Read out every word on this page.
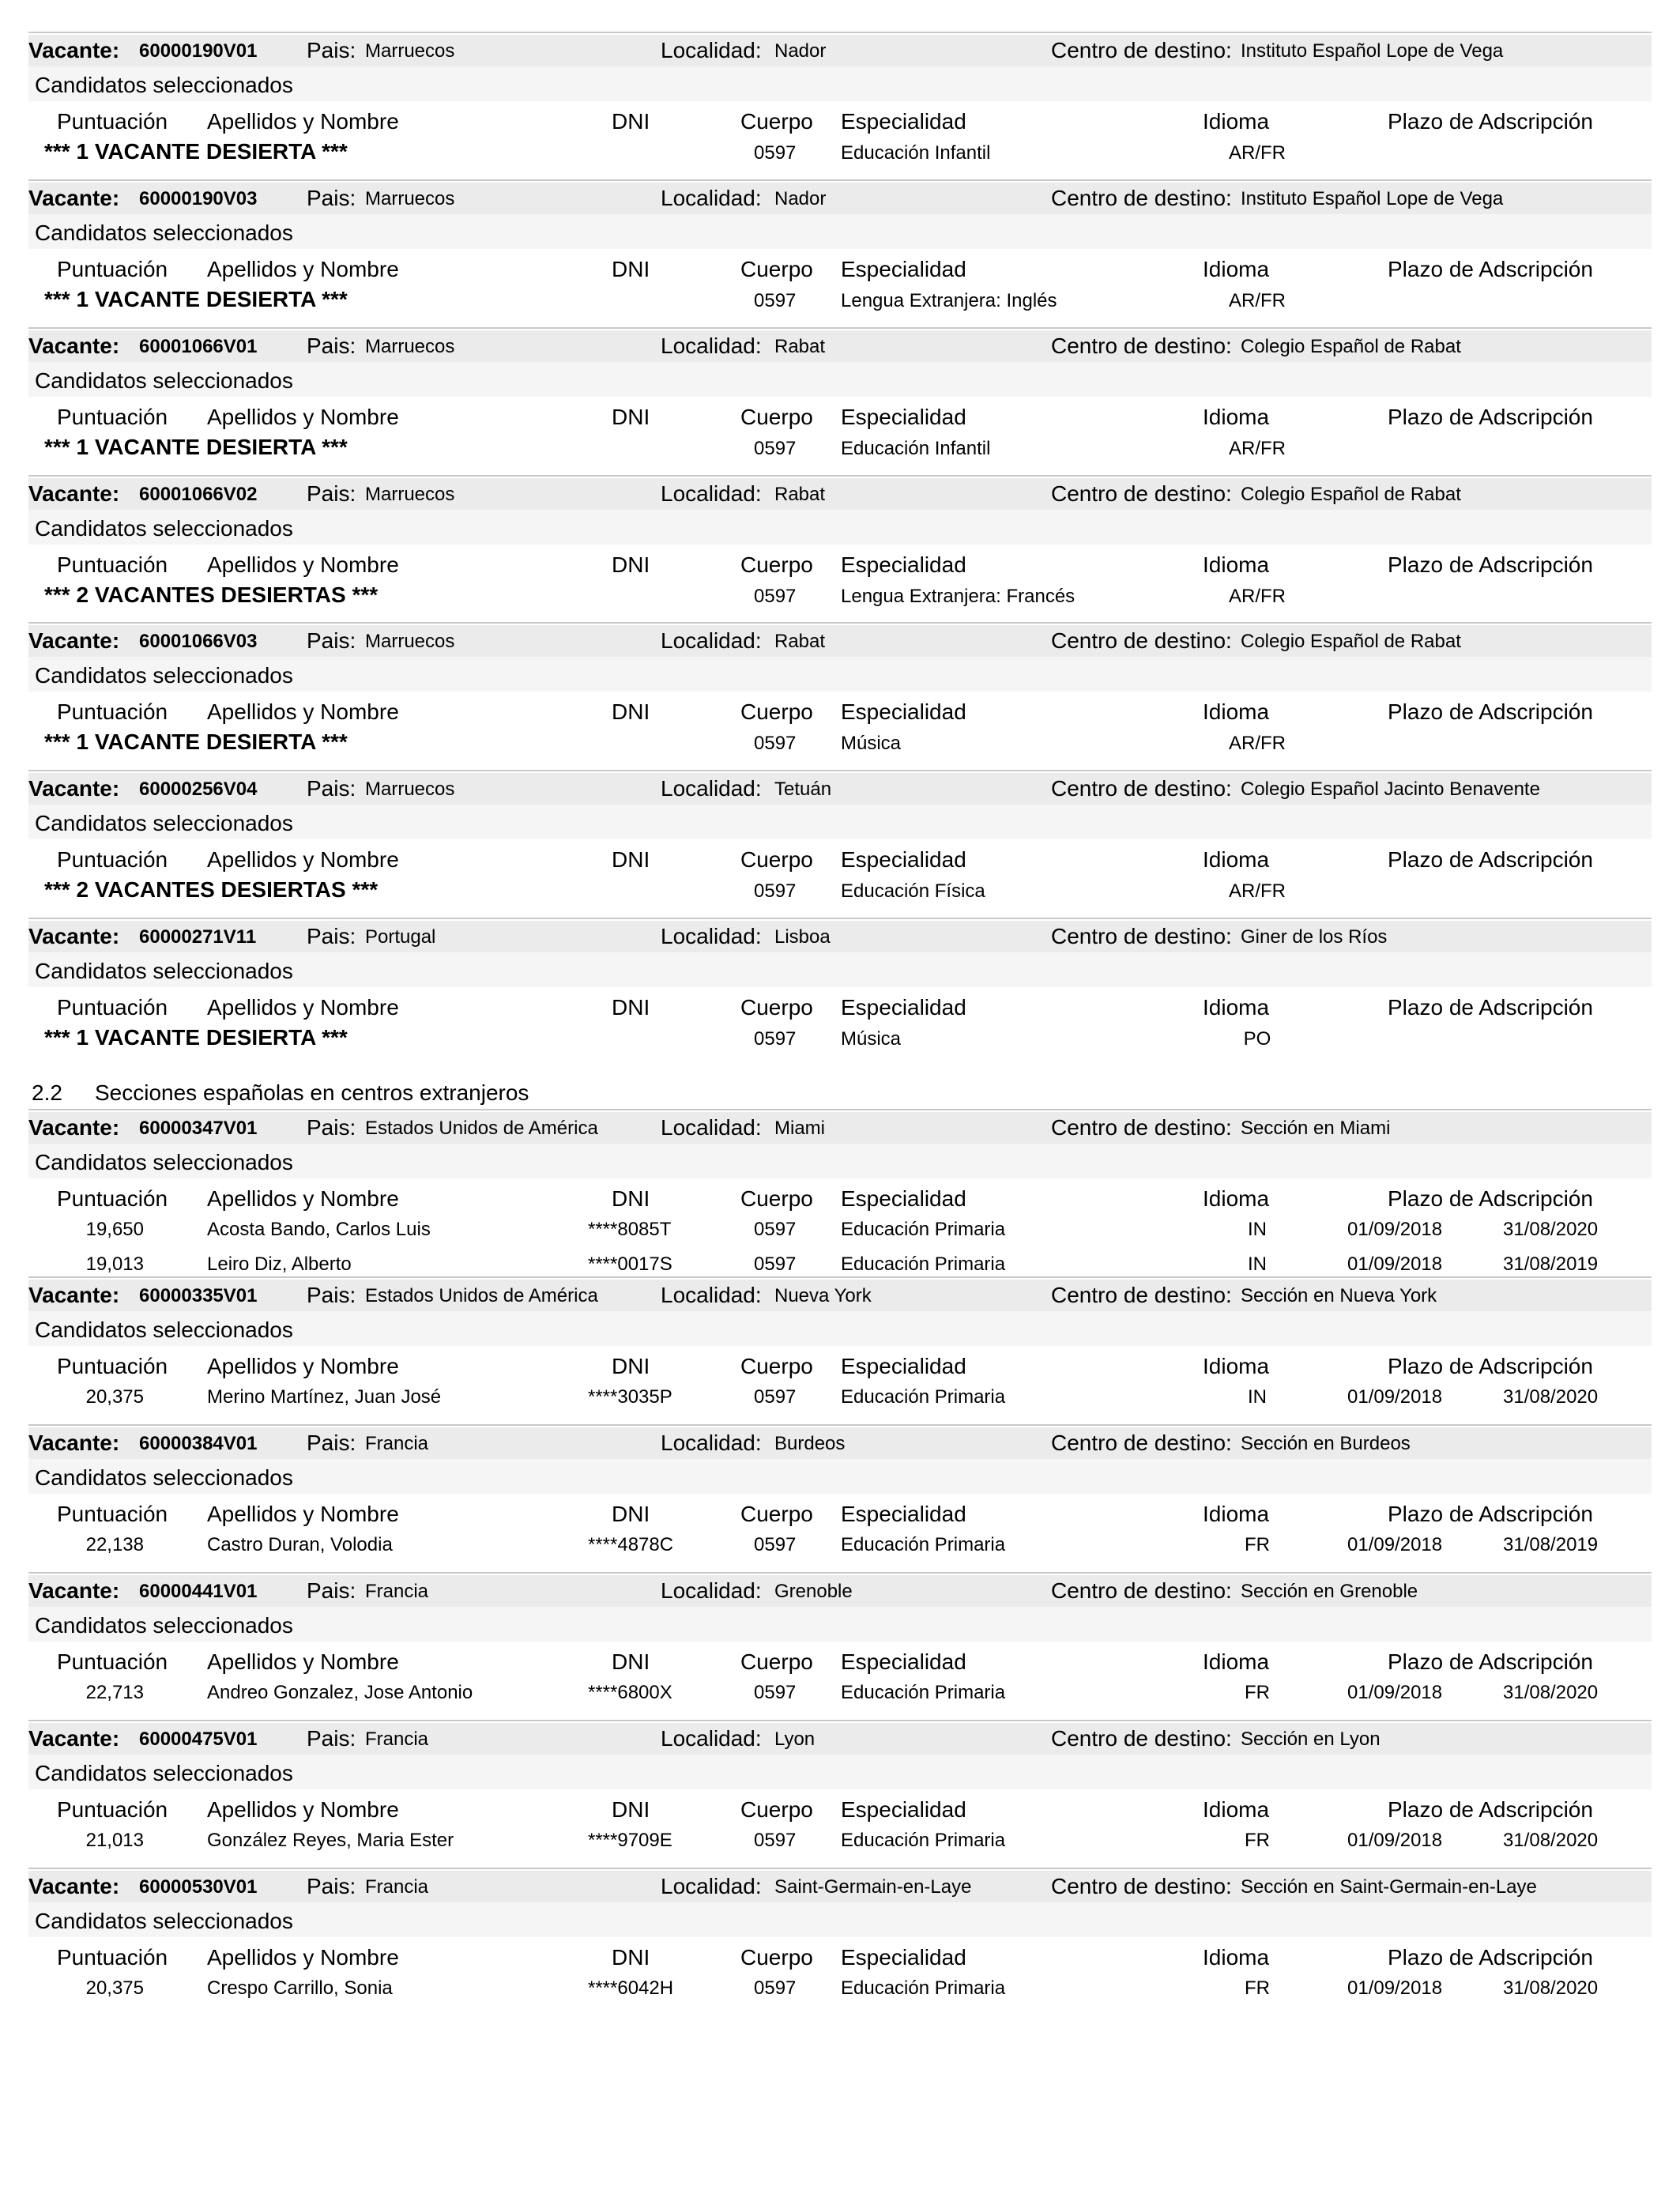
2.2 Secciones españolas en centros extranjeros
Vacante: 60000190V01 Pais: Marruecos	Localidad: Nador	Centro de destino: Instituto Español Lope de Vega
Candidatos seleccionados
Puntuación Apellidos y Nombre	DNI	Cuerpo Especialidad	Idioma	Plazo de Adscripción
*** 1 VACANTE DESIERTA ***	0597 Educación Infantil	AR/FR
Vacante: 60000190V03 Pais: Marruecos	Localidad: Nador	Centro de destino: Instituto Español Lope de Vega
Candidatos seleccionados
Puntuación Apellidos y Nombre	DNI	Cuerpo Especialidad	Idioma	Plazo de Adscripción
*** 1 VACANTE DESIERTA ***	0597 Lengua Extranjera: Inglés	AR/FR
Vacante: 60001066V01 Pais: Marruecos	Localidad: Rabat	Centro de destino: Colegio Español de Rabat
Candidatos seleccionados
Puntuación Apellidos y Nombre	DNI	Cuerpo Especialidad	Idioma	Plazo de Adscripción
*** 1 VACANTE DESIERTA ***	0597 Educación Infantil	AR/FR
Vacante: 60001066V02 Pais: Marruecos	Localidad: Rabat	Centro de destino: Colegio Español de Rabat
Candidatos seleccionados
Puntuación Apellidos y Nombre	DNI	Cuerpo Especialidad	Idioma	Plazo de Adscripción
*** 2 VACANTES DESIERTAS ***	0597 Lengua Extranjera: Francés	AR/FR
Vacante: 60001066V03 Pais: Marruecos	Localidad: Rabat	Centro de destino: Colegio Español de Rabat
Candidatos seleccionados
Puntuación Apellidos y Nombre	DNI	Cuerpo Especialidad	Idioma	Plazo de Adscripción
*** 1 VACANTE DESIERTA ***	0597 Música	AR/FR
Vacante: 60000256V04 Pais: Marruecos	Localidad: Tetuán	Centro de destino: Colegio Español Jacinto Benavente
Candidatos seleccionados
Puntuación Apellidos y Nombre	DNI	Cuerpo Especialidad	Idioma	Plazo de Adscripción
*** 2 VACANTES DESIERTAS ***	0597 Educación Física	AR/FR
Vacante: 60000271V11 Pais: Portugal	Localidad: Lisboa	Centro de destino: Giner de los Ríos
Candidatos seleccionados
Puntuación Apellidos y Nombre	DNI	Cuerpo Especialidad	Idioma	Plazo de Adscripción
*** 1 VACANTE DESIERTA ***	0597 Música	PO
Vacante: 60000347V01 Pais: Estados Unidos de América	Localidad: Miami	Centro de destino: Sección en Miami
Candidatos seleccionados
Puntuación Apellidos y Nombre	DNI	Cuerpo Especialidad	Idioma	Plazo de Adscripción
19,650	Acosta Bando, Carlos Luis	****8085T	0597 Educación Primaria	IN	01/09/2018	31/08/2020
19,013	Leiro Diz, Alberto	****0017S	0597 Educación Primaria	IN	01/09/2018	31/08/2019
Vacante: 60000335V01 Pais: Estados Unidos de América	Localidad: Nueva York	Centro de destino: Sección en Nueva York
Candidatos seleccionados
Puntuación Apellidos y Nombre	DNI	Cuerpo Especialidad	Idioma	Plazo de Adscripción
20,375	Merino Martínez, Juan José	****3035P	0597 Educación Primaria	IN	01/09/2018	31/08/2020
Vacante: 60000384V01 Pais: Francia	Localidad: Burdeos	Centro de destino: Sección en Burdeos
Candidatos seleccionados
Puntuación Apellidos y Nombre	DNI	Cuerpo Especialidad	Idioma	Plazo de Adscripción
22,138	Castro Duran, Volodia	****4878C	0597 Educación Primaria	FR	01/09/2018	31/08/2019
Vacante: 60000441V01 Pais: Francia	Localidad: Grenoble	Centro de destino: Sección en Grenoble
Candidatos seleccionados
Puntuación Apellidos y Nombre	DNI	Cuerpo Especialidad	Idioma	Plazo de Adscripción
22,713	Andreo Gonzalez, Jose Antonio	****6800X	0597 Educación Primaria	FR	01/09/2018	31/08/2020
Vacante: 60000475V01 Pais: Francia	Localidad: Lyon	Centro de destino: Sección en Lyon
Candidatos seleccionados
Puntuación Apellidos y Nombre	DNI	Cuerpo Especialidad	Idioma	Plazo de Adscripción
21,013	González Reyes, Maria Ester	****9709E	0597 Educación Primaria	FR	01/09/2018	31/08/2020
Vacante: 60000530V01 Pais: Francia	Localidad: Saint-Germain-en-Laye	Centro de destino: Sección en Saint-Germain-en-Laye
Candidatos seleccionados
Puntuación Apellidos y Nombre	DNI	Cuerpo Especialidad	Idioma	Plazo de Adscripción
20,375	Crespo Carrillo, Sonia	****6042H	0597 Educación Primaria	FR	01/09/2018	31/08/2020
